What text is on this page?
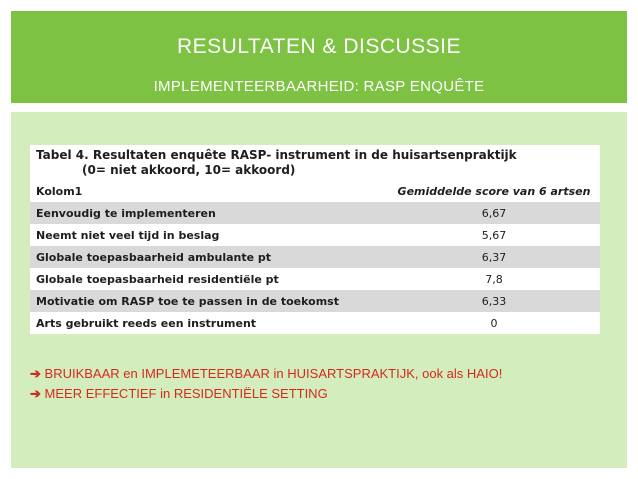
RESULTATEN & DISCUSSIE
IMPLEMENTEERBAARHEID: RASP ENQUÊTE
Tabel 4. Resultaten enquête RASP- instrument in de huisartsenpraktijk
(0= niet akkoord, 10= akkoord)
Kolom1	Gemiddelde score van 6 artsen
Eenvoudig te implementeren	6,67
Neemt niet veel tijd in beslag	5,67
Globale toepasbaarheid ambulante pt	6,37
Globale toepasbaarheid residentiële pt	7,8
Motivatie om RASP toe te passen in de toekomst	6,33
Arts gebruikt reeds een instrument	0
➔ BRUIKBAAR en IMPLEMETEERBAAR in HUISARTSPRAKTIJK, ook als HAIO!
➔ MEER EFFECTIEF in RESIDENTIËLE SETTING
